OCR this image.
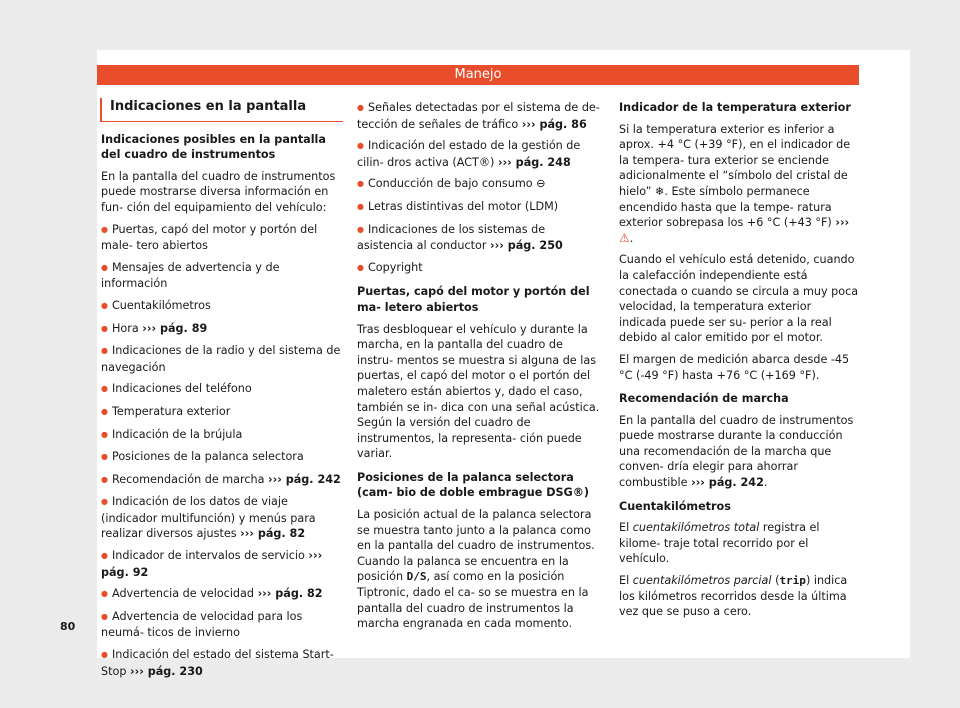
Manejo
Indicaciones en la pantalla

Indicaciones posibles en la pantalla del cuadro de instrumentos

En la pantalla del cuadro de instrumentos puede mostrarse diversa información en fun- ción del equipamiento del vehículo:

● Puertas, capó del motor y portón del male- tero abiertos

● Mensajes de advertencia y de información

● Cuentakilómetros

● Hora ››› pág. 89

● Indicaciones de la radio y del sistema de navegación

● Indicaciones del teléfono

● Temperatura exterior

● Indicación de la brújula

● Posiciones de la palanca selectora

● Recomendación de marcha ››› pág. 242

● Indicación de los datos de viaje (indicador multifunción) y menús para realizar diversos ajustes ››› pág. 82

● Indicador de intervalos de servicio ››› pág. 92

● Advertencia de velocidad ››› pág. 82

● Advertencia de velocidad para los neumá- ticos de invierno

● Indicación del estado del sistema Start- Stop ››› pág. 230

● Señales detectadas por el sistema de de- tección de señales de tráfico ››› pág. 86

● Indicación del estado de la gestión de cilin- dros activa (ACT®) ››› pág. 248

● Conducción de bajo consumo ⊖

● Letras distintivas del motor (LDM)

● Indicaciones de los sistemas de asistencia al conductor ››› pág. 250

● Copyright

Puertas, capó del motor y portón del ma- letero abiertos

Tras desbloquear el vehículo y durante la marcha, en la pantalla del cuadro de instru- mentos se muestra si alguna de las puertas, el capó del motor o el portón del maletero están abiertos y, dado el caso, también se in- dica con una señal acústica. Según la versión del cuadro de instrumentos, la representa- ción puede variar.

Posiciones de la palanca selectora (cam- bio de doble embrague DSG®)

La posición actual de la palanca selectora se muestra tanto junto a la palanca como en la pantalla del cuadro de instrumentos. Cuando la palanca se encuentra en la posición D/S, así como en la posición Tiptronic, dado el ca- so se muestra en la pantalla del cuadro de instrumentos la marcha engranada en cada momento.

Indicador de la temperatura exterior

Si la temperatura exterior es inferior a aprox. +4 °C (+39 °F), en el indicador de la tempera- tura exterior se enciende adicionalmente el “símbolo del cristal de hielo” ❄. Este símbolo permanece encendido hasta que la tempe- ratura exterior sobrepasa los +6 °C (+43 °F) ››› ⚠.

Cuando el vehículo está detenido, cuando la calefacción independiente está conectada o cuando se circula a muy poca velocidad, la temperatura exterior indicada puede ser su- perior a la real debido al calor emitido por el motor.

El margen de medición abarca desde -45 °C (-49 °F) hasta +76 °C (+169 °F).

Recomendación de marcha

En la pantalla del cuadro de instrumentos puede mostrarse durante la conducción una recomendación de la marcha que conven- dría elegir para ahorrar combustible ››› pág. 242.

Cuentakilómetros

El cuentakilómetros total registra el kilome- traje total recorrido por el vehículo.

El cuentakilómetros parcial (trip) indica los kilómetros recorridos desde la última vez que se puso a cero.

80
